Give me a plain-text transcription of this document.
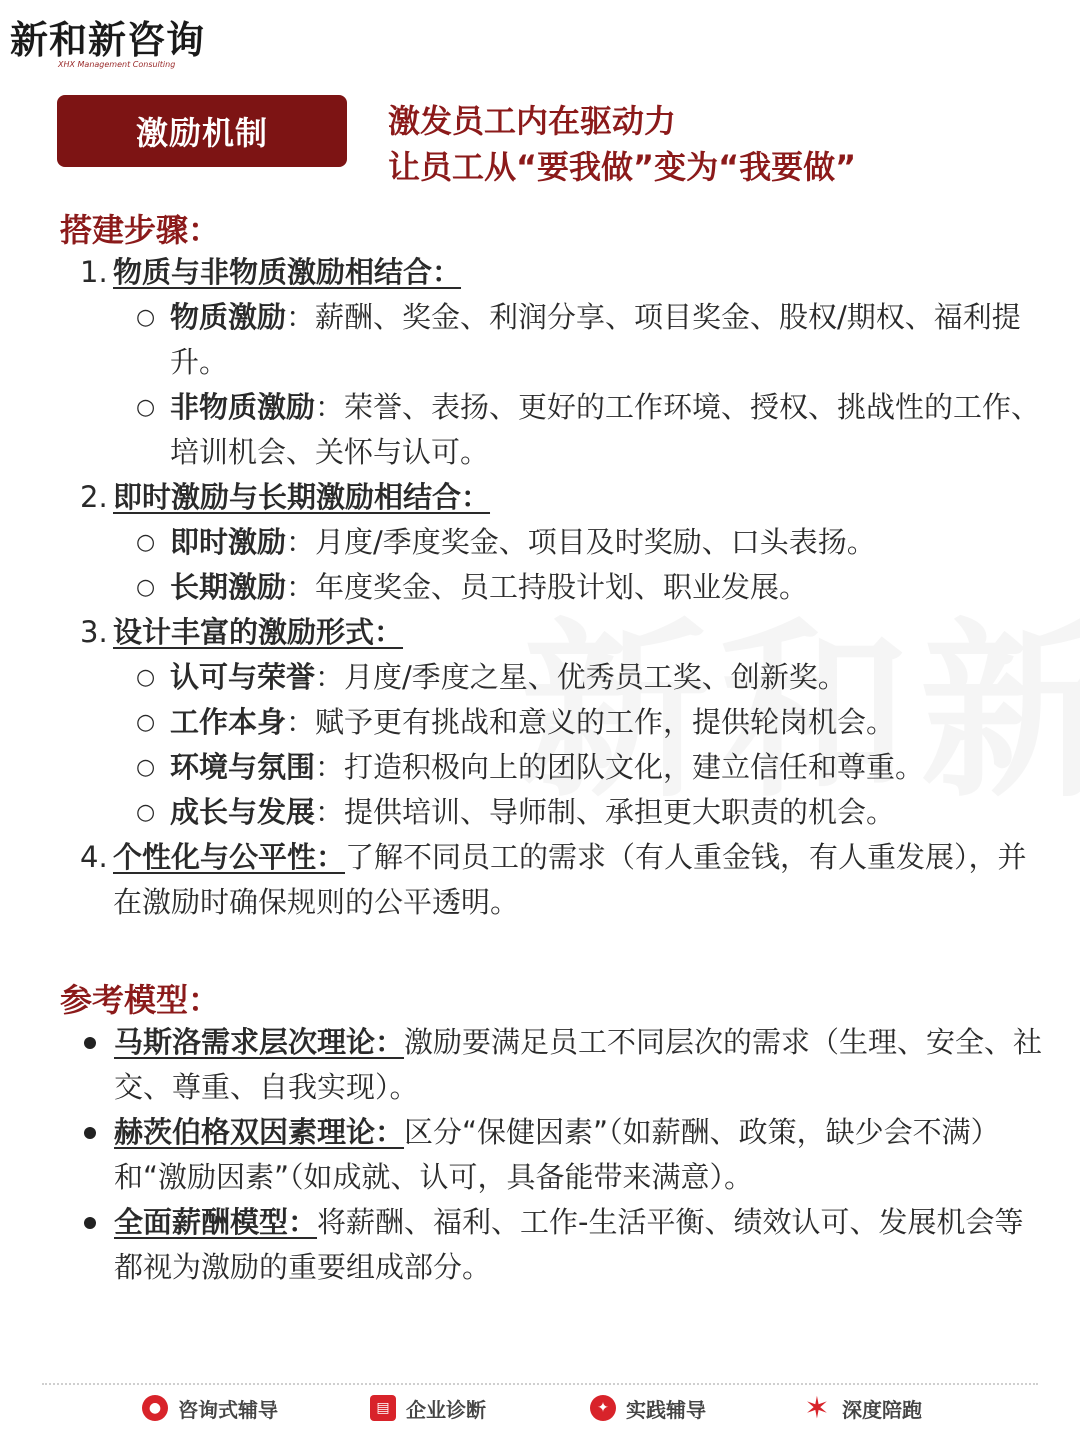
新和新咨询
XHX Management Consulting
激励机制	激发员工内在驱动力
让员工从“要我做”变为“我要做”
搭建步骤：
1. 物质与非物质激励相结合：
○ 物质激励：薪酬、奖金、利润分享、项目奖金、股权/期权、福利提升。
○ 非物质激励：荣誉、表扬、更好的工作环境、授权、挑战性的工作、培训机会、关怀与认可。
2. 即时激励与长期激励相结合：
○ 即时激励：月度/季度奖金、项目及时奖励、口头表扬。
○ 长期激励：年度奖金、员工持股计划、职业发展。
3. 设计丰富的激励形式：
○ 认可与荣誉：月度/季度之星、优秀员工奖、创新奖。
○ 工作本身：赋予更有挑战和意义的工作，提供轮岗机会。
○ 环境与氛围：打造积极向上的团队文化，建立信任和尊重。
○ 成长与发展：提供培训、导师制、承担更大职责的机会。
4. 个性化与公平性：了解不同员工的需求（有人重金钱，有人重发展），并在激励时确保规则的公平透明。
参考模型：
马斯洛需求层次理论：激励要满足员工不同层次的需求（生理、安全、社交、尊重、自我实现）。
赫茨伯格双因素理论：区分“保健因素”（如薪酬、政策，缺少会不满）和“激励因素”（如成就、认可，具备能带来满意）。
全面薪酬模型：将薪酬、福利、工作-生活平衡、绩效认可、发展机会等都视为激励的重要组成部分。
● 咨询式辅导	▤ 企业诊断	✦ 实践辅导	✶ 深度陪跑
